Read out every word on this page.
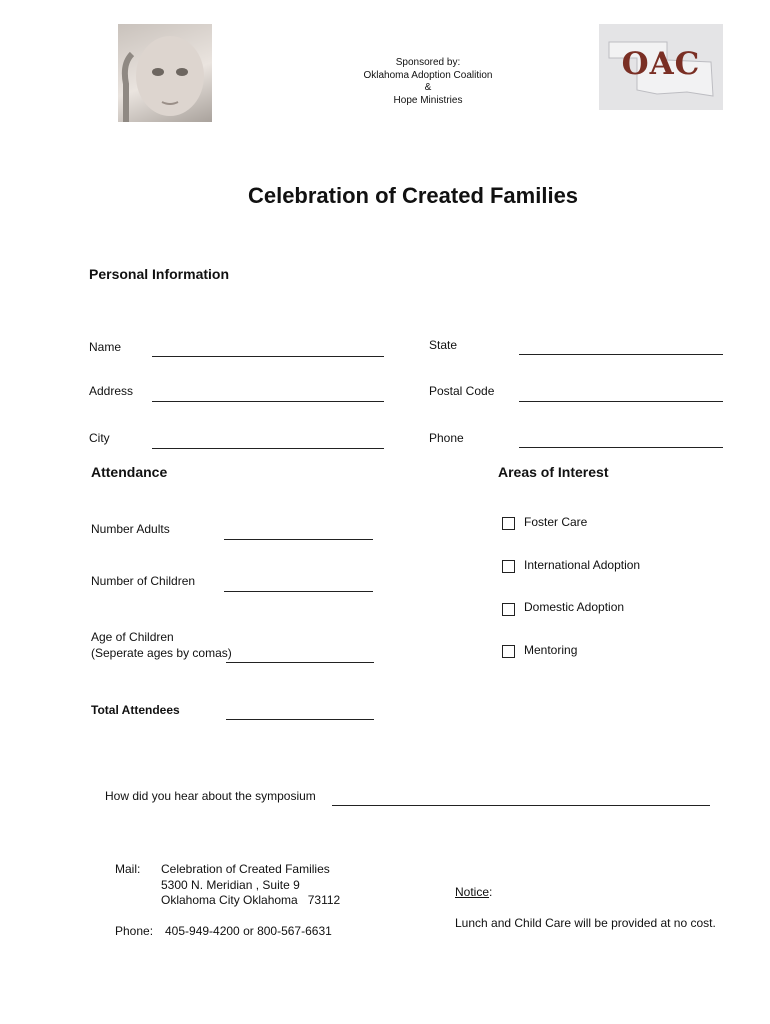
Sponsored by:
Oklahoma Adoption Coalition
&
Hope Ministries
OAC
Celebration of Created Families
Personal Information
Name
Address
City
State
Postal Code
Phone
Attendance
Number Adults
Number of Children
Age of Children
(Seperate ages by comas)
Total Attendees
Areas of Interest
Foster Care
International Adoption
Domestic Adoption
Mentoring
How did you hear about the symposium
Mail: Celebration of Created Families
5300 N. Meridian , Suite 9
Oklahoma City Oklahoma   73112
Phone: 405-949-4200 or 800-567-6631
Notice:
Lunch and Child Care will be provided at no cost.
